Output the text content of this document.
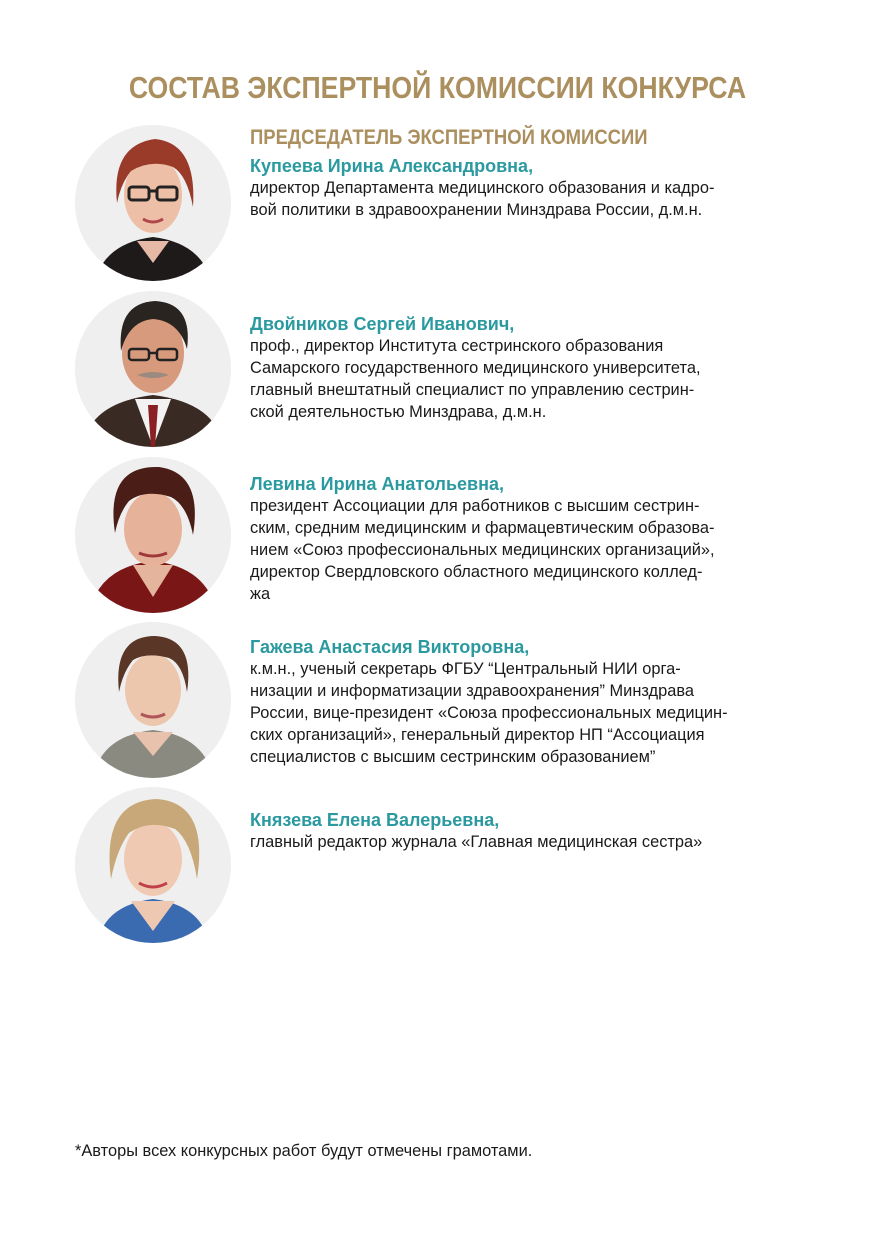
СОСТАВ ЭКСПЕРТНОЙ КОМИССИИ КОНКУРСА
ПРЕДСЕДАТЕЛЬ ЭКСПЕРТНОЙ КОМИССИИ
Купеева Ирина Александровна,
директор Департамента медицинского образования и кадро-
вой политики в здравоохранении Минздрава России, д.м.н.
Двойников Сергей Иванович,
проф., директор Института сестринского образования
Самарского государственного медицинского университета,
главный внештатный специалист по управлению сестрин-
ской деятельностью Минздрава, д.м.н.
Левина Ирина Анатольевна,
президент Ассоциации для работников с высшим сестрин-
ским, средним медицинским и фармацевтическим образова-
нием «Союз профессиональных медицинских организаций»,
директор Свердловского областного медицинского коллед-
жа
Гажева Анастасия Викторовна,
к.м.н., ученый секретарь ФГБУ “Центральный НИИ орга-
низации и информатизации здравоохранения” Минздрава
России, вице-президент «Союза профессиональных медицин-
ских организаций», генеральный директор НП “Ассоциация
специалистов с высшим сестринским образованием”
Князева Елена Валерьевна,
главный редактор журнала «Главная медицинская сестра»
*Авторы всех конкурсных работ будут отмечены грамотами.
